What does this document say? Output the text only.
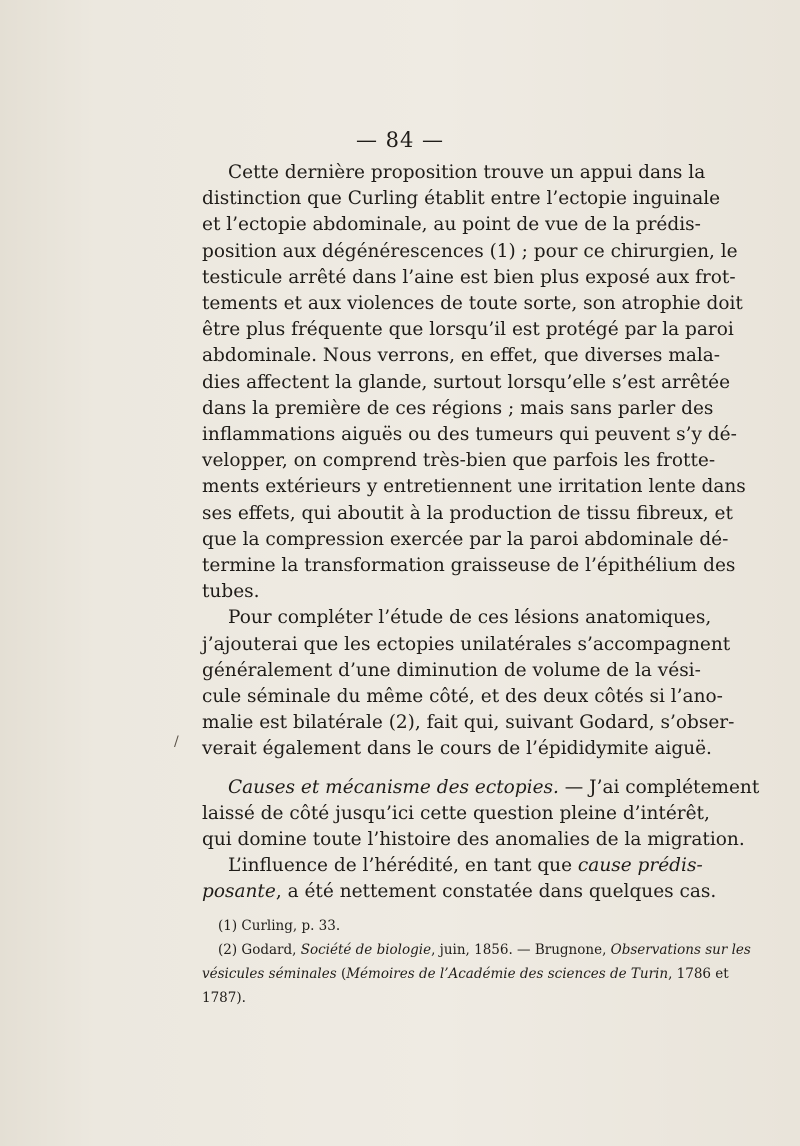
— 84 —
/
Cette dernière proposition trouve un appui dans la
distinction que Curling établit entre l’ectopie inguinale
et l’ectopie abdominale, au point de vue de la prédis-
position aux dégénérescences (1) ; pour ce chirurgien, le
testicule arrêté dans l’aine est bien plus exposé aux frot-
tements et aux violences de toute sorte, son atrophie doit
être plus fréquente que lorsqu’il est protégé par la paroi
abdominale. Nous verrons, en effet, que diverses mala-
dies affectent la glande, surtout lorsqu’elle s’est arrêtée
dans la première de ces régions ; mais sans parler des
inflammations aiguës ou des tumeurs qui peuvent s’y dé-
velopper, on comprend très-bien que parfois les frotte-
ments extérieurs y entretiennent une irritation lente dans
ses effets, qui aboutit à la production de tissu fibreux, et
que la compression exercée par la paroi abdominale dé-
termine la transformation graisseuse de l’épithélium des
tubes.
Pour compléter l’étude de ces lésions anatomiques,
j’ajouterai que les ectopies unilatérales s’accompagnent
généralement d’une diminution de volume de la vési-
cule séminale du même côté, et des deux côtés si l’ano-
malie est bilatérale (2), fait qui, suivant Godard, s’obser-
verait également dans le cours de l’épididymite aiguë.
Causes et mécanisme des ectopies. — J’ai complétement
laissé de côté jusqu’ici cette question pleine d’intérêt,
qui domine toute l’histoire des anomalies de la migration.
L’influence de l’hérédité, en tant que cause prédis-
posante, a été nettement constatée dans quelques cas.
(1) Curling, p. 33.
(2) Godard, Société de biologie, juin, 1856. — Brugnone, Observations sur les
vésicules séminales (Mémoires de l’Académie des sciences de Turin, 1786 et
1787).
